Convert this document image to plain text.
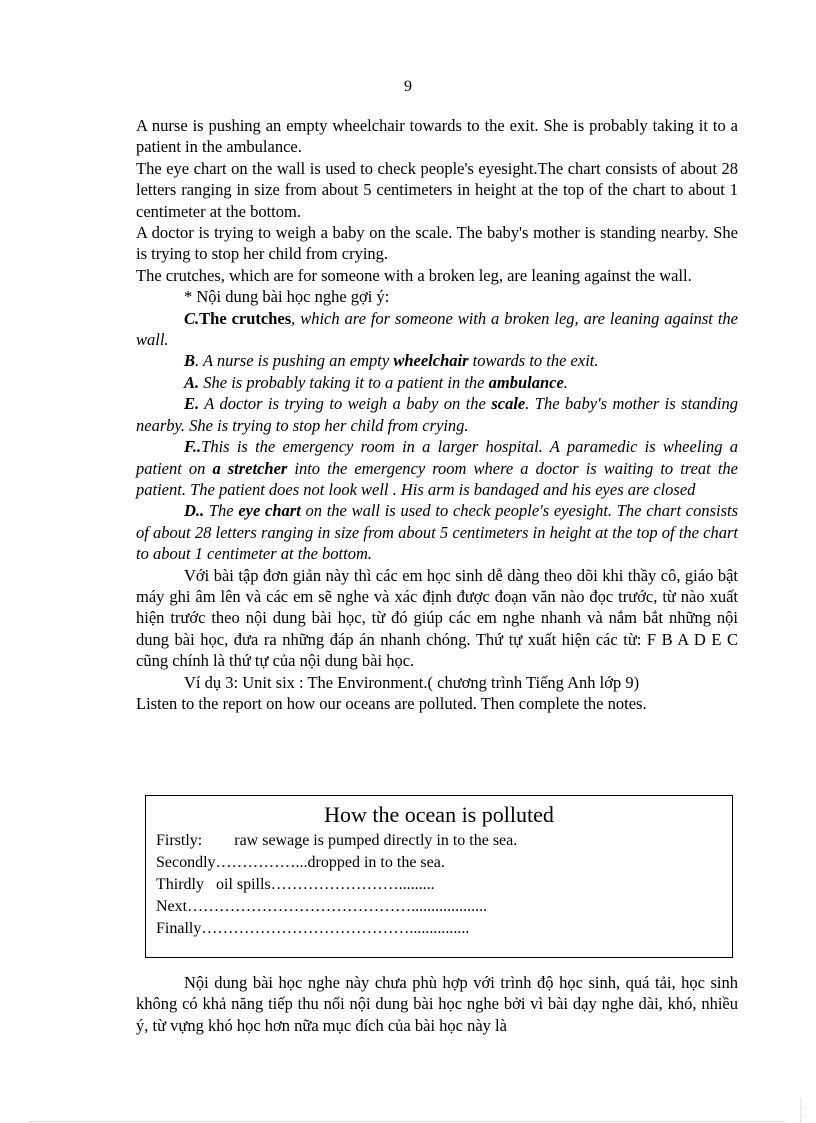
9

A nurse is pushing an empty wheelchair towards to the exit. She is probably taking it to a patient in the ambulance.

The eye chart on the wall is used to check people's eyesight.The chart consists of about 28 letters ranging in size from about 5 centimeters in height at the top of the chart to about 1 centimeter at the bottom.

A doctor is trying to weigh a baby on the scale. The baby's mother is standing nearby. She is trying to stop her child from crying.

The crutches, which are for someone with a broken leg, are leaning against the wall.

* Nội dung bài học nghe gợi ý:

C.The crutches, which are for someone with a broken leg, are leaning against the wall.

B. A nurse is pushing an empty wheelchair towards to the exit.

A. She is probably taking it to a patient in the ambulance.

E. A doctor is trying to weigh a baby on the scale. The baby's mother is standing nearby. She is trying to stop her child from crying.

F..This is the emergency room in a larger hospital. A paramedic is wheeling a patient on a stretcher into the emergency room where a doctor is waiting to treat the patient. The patient does not look well . His arm is bandaged and his eyes are closed

D.. The eye chart on the wall is used to check people's eyesight. The chart consists of about 28 letters ranging in size from about 5 centimeters in height at the top of the chart to about 1 centimeter at the bottom.

Với bài tập đơn giản này thì các em học sinh dễ dàng theo dõi khi thầy cô, giáo bật máy ghi âm lên và các em sẽ nghe và xác định được đoạn văn nào đọc trước, từ nào xuất hiện trước theo nội dung bài học, từ đó giúp các em nghe nhanh và nắm bắt những nội dung bài học, đưa ra những đáp án nhanh chóng. Thứ tự xuất hiện các từ: F B A D E C cũng chính là thứ tự của nội dung bài học.

Ví dụ 3: Unit six : The Environment.( chương trình Tiếng Anh lớp 9)

Listen to the report on how our oceans are polluted. Then complete the notes.

How the ocean is polluted
Firstly:        raw sewage is pumped directly in to the sea.
Secondly……………...dropped in to the sea.
Thirdly   oil spills…………………….........
Next……………………………………...................
Finally…………………………………...............

Nội dung bài học nghe này chưa phù hợp với trình độ học sinh, quá tải, học sinh không có khả năng tiếp thu nổi nội dung bài học nghe bởi vì bài dạy nghe dài, khó, nhiều ý, từ vựng khó học hơn nữa mục đích của bài học này là
